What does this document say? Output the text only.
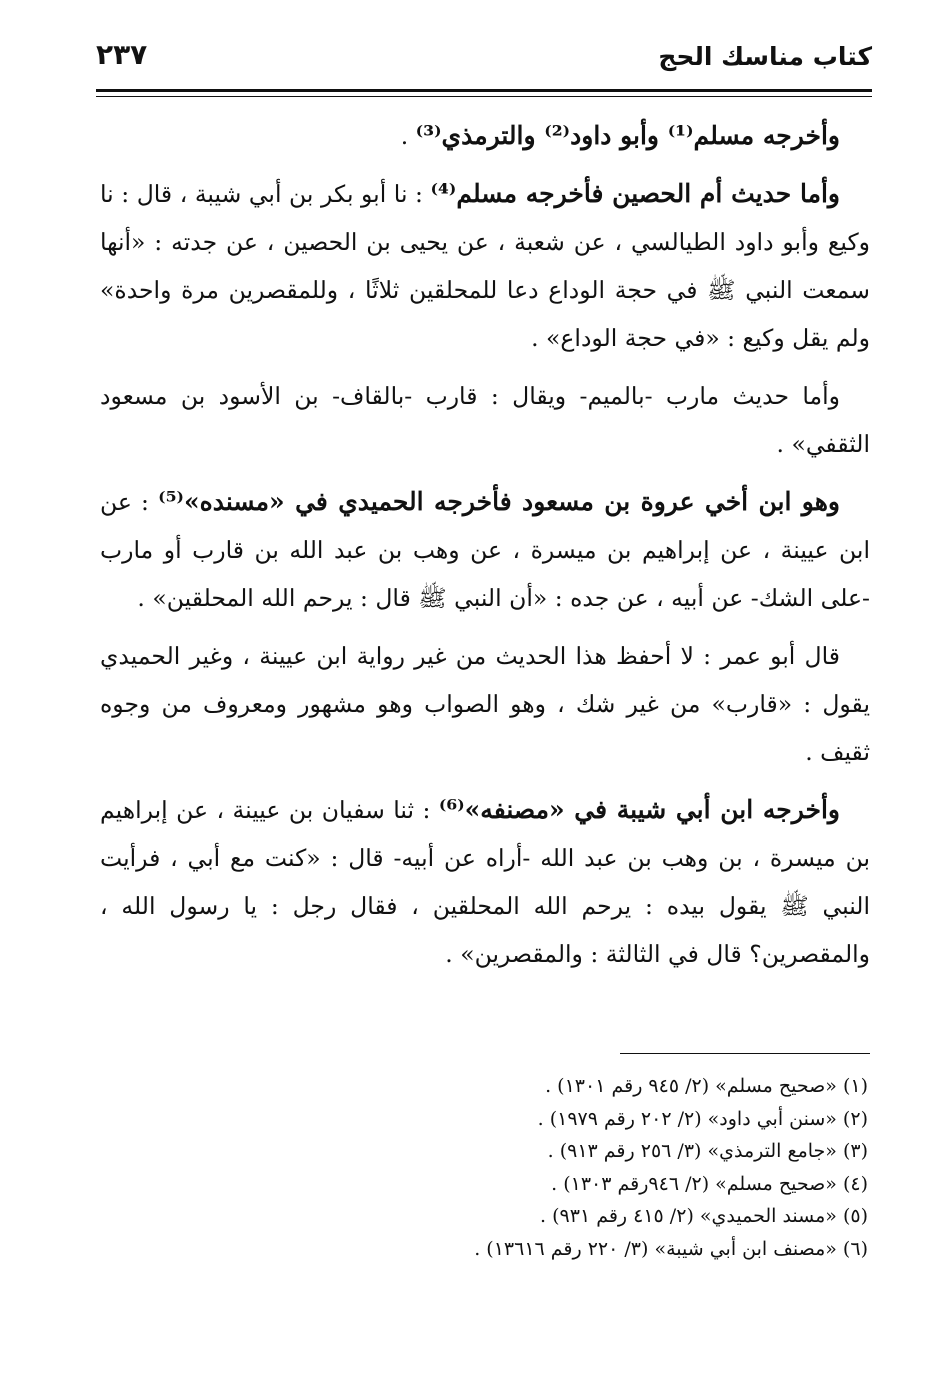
كتاب مناسك الحج
٢٣٧

وأخرجه مسلم⁽¹⁾ وأبو داود⁽²⁾ والترمذي⁽³⁾ .

وأما حديث أم الحصين فأخرجه مسلم⁽⁴⁾ : نا أبو بكر بن أبي شيبة ، قال : نا وكيع وأبو داود الطيالسي ، عن شعبة ، عن يحيى بن الحصين ، عن جدته : «أنها سمعت النبي ﷺ في حجة الوداع دعا للمحلقين ثلاثًا ، وللمقصرين مرة واحدة» ولم يقل وكيع : «في حجة الوداع» .

وأما حديث مارب -بالميم- ويقال : قارب -بالقاف- بن الأسود بن مسعود الثقفي» .

وهو ابن أخي عروة بن مسعود فأخرجه الحميدي في «مسنده»⁽⁵⁾ : عن ابن عيينة ، عن إبراهيم بن ميسرة ، عن وهب بن عبد الله بن قارب أو مارب -على الشك- عن أبيه ، عن جده : «أن النبي ﷺ قال : يرحم الله المحلقين» .

قال أبو عمر : لا أحفظ هذا الحديث من غير رواية ابن عيينة ، وغير الحميدي يقول : «قارب» من غير شك ، وهو الصواب وهو مشهور ومعروف من وجوه ثقيف .

وأخرجه ابن أبي شيبة في «مصنفه»⁽⁶⁾ : ثنا سفيان بن عيينة ، عن إبراهيم بن ميسرة ، بن وهب بن عبد الله -أراه عن أبيه- قال : «كنت مع أبي ، فرأيت النبي ﷺ يقول بيده : يرحم الله المحلقين ، فقال رجل : يا رسول الله ، والمقصرين؟ قال في الثالثة : والمقصرين» .

(١) «صحيح مسلم» (٢/ ٩٤٥ رقم ١٣٠١) .

(٢) «سنن أبي داود» (٢/ ٢٠٢ رقم ١٩٧٩) .

(٣) «جامع الترمذي» (٣/ ٢٥٦ رقم ٩١٣) .

(٤) «صحيح مسلم» (٢/ ٩٤٦رقم ١٣٠٣) .

(٥) «مسند الحميدي» (٢/ ٤١٥ رقم ٩٣١) .

(٦) «مصنف ابن أبي شيبة» (٣/ ٢٢٠ رقم ١٣٦١٦) .
